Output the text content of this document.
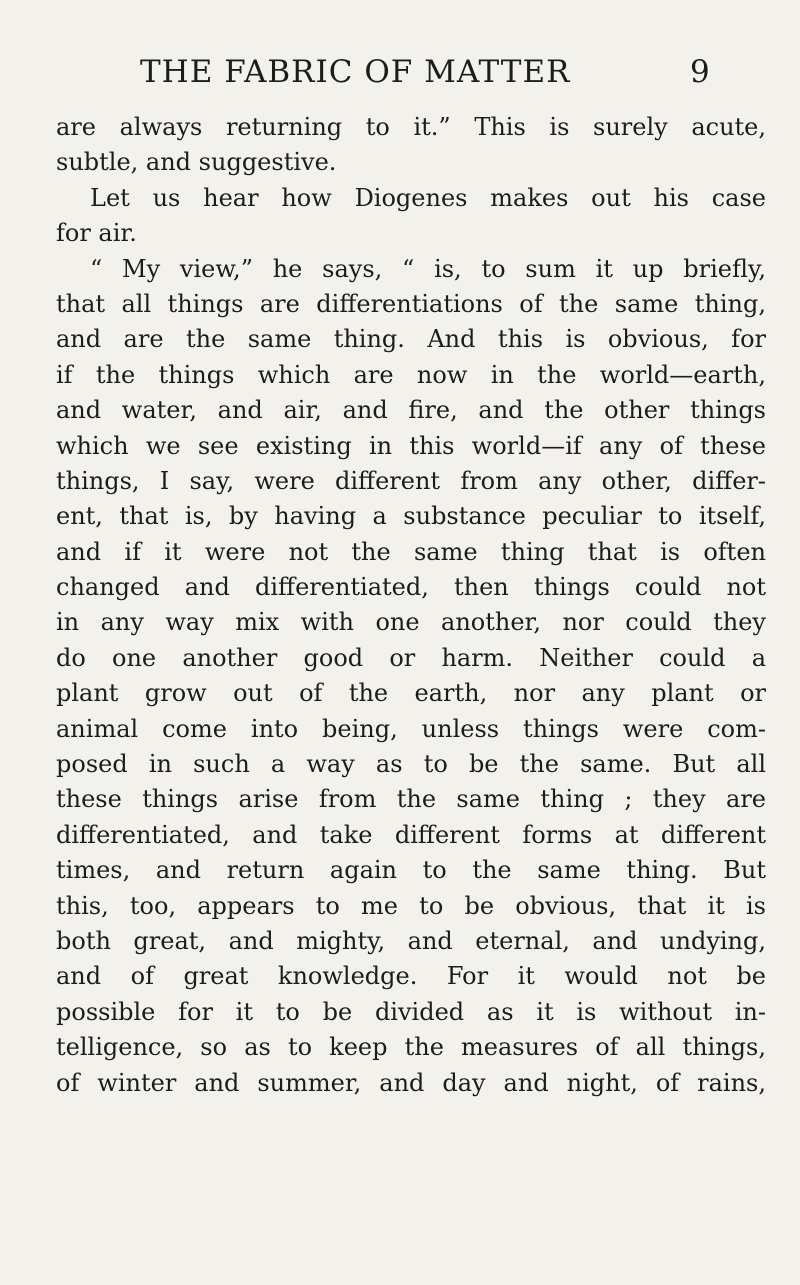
THE FABRIC OF MATTER	9
are always returning to it.” This is surely acute,
subtle, and suggestive.
Let us hear how Diogenes makes out his case
for air.
“ My view,” he says, “ is, to sum it up briefly,
that all things are differentiations of the same thing,
and are the same thing. And this is obvious, for
if the things which are now in the world—earth,
and water, and air, and fire, and the other things
which we see existing in this world—if any of these
things, I say, were different from any other, differ-
ent, that is, by having a substance peculiar to itself,
and if it were not the same thing that is often
changed and differentiated, then things could not
in any way mix with one another, nor could they
do one another good or harm. Neither could a
plant grow out of the earth, nor any plant or
animal come into being, unless things were com-
posed in such a way as to be the same. But all
these things arise from the same thing ; they are
differentiated, and take different forms at different
times, and return again to the same thing. But
this, too, appears to me to be obvious, that it is
both great, and mighty, and eternal, and undying,
and of great knowledge. For it would not be
possible for it to be divided as it is without in-
telligence, so as to keep the measures of all things,
of winter and summer, and day and night, of rains,
